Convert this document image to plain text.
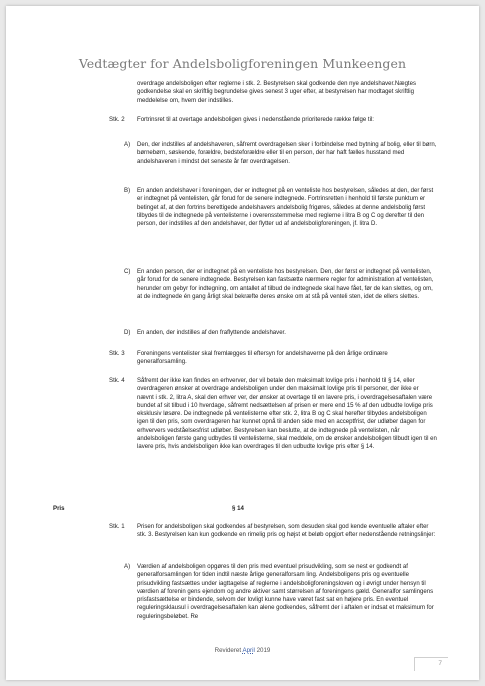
Vedtægter for Andelsboligforeningen Munkeengen
overdrage andelsboligen efter reglerne i stk. 2. Bestyrelsen skal godkende den nye andelshaver.Nægtes godkendelse skal en skriftlig begrundelse gives senest 3 uger efter, at bestyrelsen har modtaget skriftlig meddelelse om, hvem der indstilles.
Stk. 2 Fortrinsret til at overtage andelsboligen gives i nedenstående prioriterede række følge til:
A) Den, der indstilles af andelshaveren, såfremt overdragelsen sker i forbindelse med bytning af bolig, eller til børn, børnebørn, søskende, forældre, bedsteforældre eller til en person, der har haft fælles husstand med andelshaveren i mindst det seneste år før overdragelsen.
B) En anden andelshaver i foreningen, der er indtegnet på en venteliste hos bestyrelsen, således at den, der først er indtegnet på ventelisten, går forud for de senere indtegnede. Fortrinsretten i henhold til første punktum er betinget af, at den fortrins berettigede andelshavers andelsbolig frigøres, således at denne andelsbolig først tilbydes til de indtegnede på ventelisterne i overensstemmelse med reglerne i litra B og C og derefter til den person, der indstilles af den andelshaver, der flytter ud af andelsboligforeningen, jf. litra D.
C) En anden person, der er indtegnet på en venteliste hos bestyrelsen. Den, der først er indtegnet på ventelisten, går forud for de senere indtegnede. Bestyrelsen kan fastsætte nærmere regler for administration af ventelisten, herunder om gebyr for indtegning, om antallet af tilbud de indtegnede skal have fået, før de kan slettes, og om, at de indtegnede én gang årligt skal bekræfte deres ønske om at stå på venteli sten, idet de ellers slettes.
D) En anden, der indstilles af den fraflyttende andelshaver.
Stk. 3 Foreningens ventelister skal fremlægges til eftersyn for andelshaverne på den årlige ordinære generalforsamling.
Stk. 4 Såfremt der ikke kan findes en erhverver, der vil betale den maksimalt lovlige pris i henhold til § 14, eller overdrageren ønsker at overdrage andelsboligen under den maksimalt lovlige pris til personer, der ikke er nævnt i stk. 2, litra A, skal den erhver ver, der ønsker at overtage til en lavere pris, i overdragelsesaftalen være bundet af sit tilbud i 10 hverdage, såfremt nedsættelsen af prisen er mere end 15 % af den udbudte lovlige pris eksklusiv løsøre. De indtegnede på ventelisterne efter stk. 2, litra B og C skal herefter tilbydes andelsboligen igen til den pris, som overdrageren har kunnet opnå til anden side med en acceptfrist, der udløber dagen for erhververs vedståelsesfrist udløber. Bestyrelsen kan beslutte, at de indtegnede på ventelisten, når andelsboligen første gang udbydes til ventelisterne, skal meddele, om de ønsker andelsboligen tilbudt igen til en lavere pris, hvis andelsboligen ikke kan overdrages til den udbudte lovlige pris efter § 14.
Pris	§ 14
Stk. 1 Prisen for andelsboligen skal godkendes af bestyrelsen, som desuden skal god kende eventuelle aftaler efter stk. 3. Bestyrelsen kan kun godkende en rimelig pris og højst et beløb opgjort efter nedenstående retningslinjer:
A) Værdien af andelsboligen opgøres til den pris med eventuel prisudvikling, som se nest er godkendt af generalforsamlingen for tiden indtil næste årlige generalforsam ling. Andelsboligens pris og eventuelle prisudvikling fastsættes under iagttagelse af reglerne i andelsboligforeningsloven og i øvrigt under hensyn til værdien af forenin gens ejendom og andre aktiver samt størrelsen af foreningens gæld. Generalfor samlingens prisfastsættelse er bindende, selvom der lovligt kunne have været fast sat en højere pris. En eventuel reguleringsklausul i overdragelsesaftalen kan alene godkendes, såfremt der i aftalen er indsat et maksimum for reguleringsbeløbet. Re
Revideret April 2019
7
